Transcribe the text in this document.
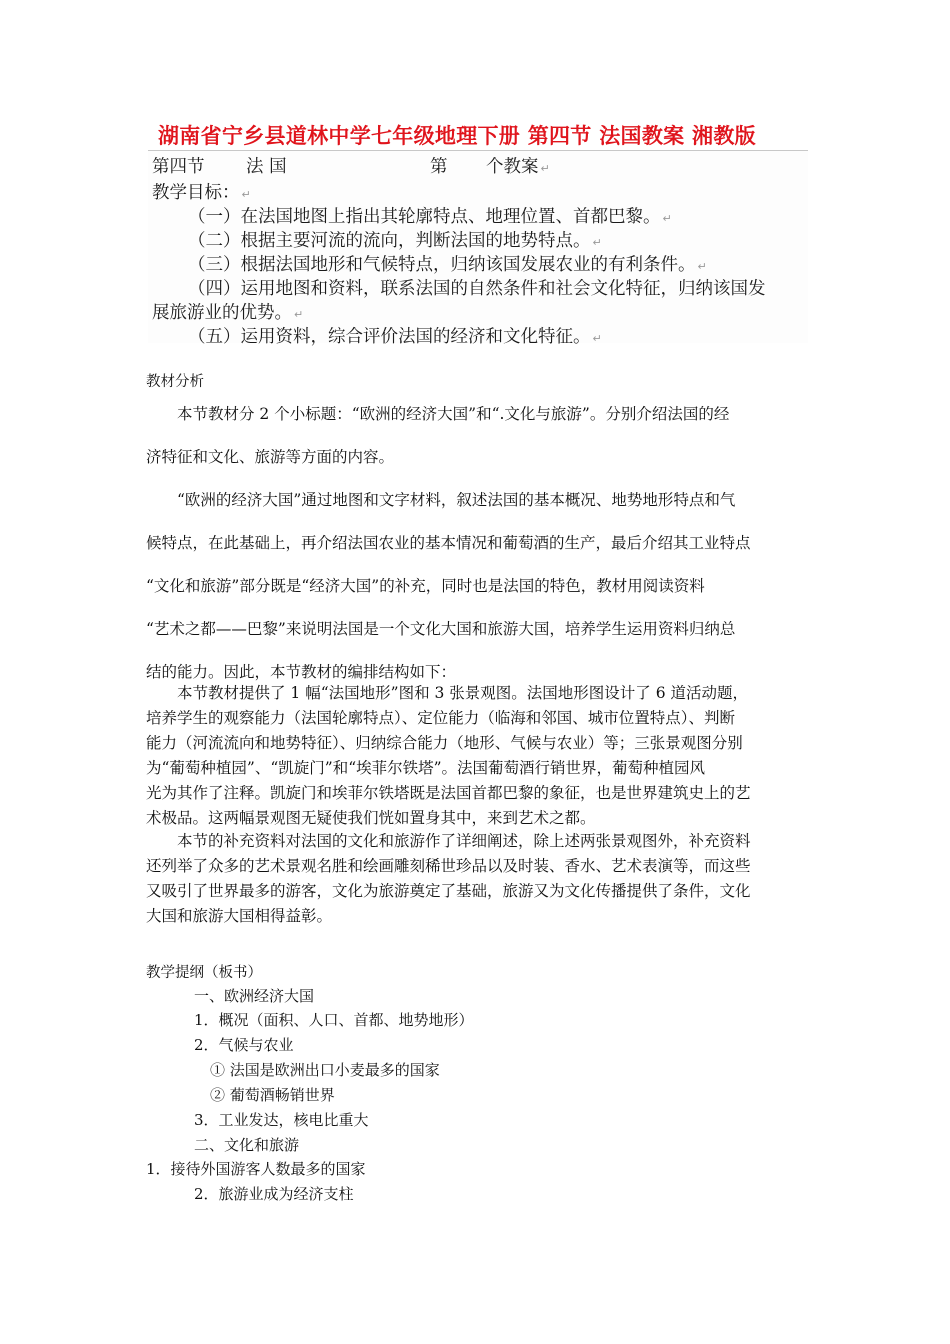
湖南省宁乡县道林中学七年级地理下册 第四节 法国教案 湘教版
第四节 法 国	第 个教案 ↵
教学目标： ↵
（一）在法国地图上指出其轮廓特点、地理位置、首都巴黎。 ↵
（二）根据主要河流的流向，判断法国的地势特点。 ↵
（三）根据法国地形和气候特点，归纳该国发展农业的有利条件。 ↵
（四）运用地图和资料，联系法国的自然条件和社会文化特征，归纳该国发
展旅游业的优势。 ↵
（五）运用资料，综合评价法国的经济和文化特征。 ↵
教材分析
　　本节教材分 2 个小标题：“欧洲的经济大国”和“.文化与旅游”。分别介绍法国的经
济特征和文化、旅游等方面的内容。
　　“欧洲的经济大国”通过地图和文字材料，叙述法国的基本概况、地势地形特点和气
候特点，在此基础上，再介绍法国农业的基本情况和葡萄酒的生产，最后介绍其工业特点
“文化和旅游”部分既是“经济大国”的补充，同时也是法国的特色，教材用阅读资料
“艺术之都——巴黎”来说明法国是一个文化大国和旅游大国，培养学生运用资料归纳总
结的能力。因此，本节教材的编排结构如下：
　　本节教材提供了 1 幅“法国地形”图和 3 张景观图。法国地形图设计了 6 道活动题，
培养学生的观察能力（法国轮廓特点）、定位能力（临海和邻国、城市位置特点）、判断
能力（河流流向和地势特征）、归纳综合能力（地形、气候与农业）等；三张景观图分别
为“葡萄种植园”、“凯旋门”和“埃菲尔铁塔”。法国葡萄酒行销世界，葡萄种植园风
光为其作了注释。凯旋门和埃菲尔铁塔既是法国首都巴黎的象征，也是世界建筑史上的艺
术极品。这两幅景观图无疑使我们恍如置身其中，来到艺术之都。
　　本节的补充资料对法国的文化和旅游作了详细阐述，除上述两张景观图外，补充资料
还列举了众多的艺术景观名胜和绘画雕刻稀世珍品以及时装、香水、艺术表演等，而这些
又吸引了世界最多的游客，文化为旅游奠定了基础，旅游又为文化传播提供了条件，文化
大国和旅游大国相得益彰。
教学提纲（板书）
一、欧洲经济大国
1．概况（面积、人口、首都、地势地形）
2．气候与农业
① 法国是欧洲出口小麦最多的国家
② 葡萄酒畅销世界
3．工业发达，核电比重大
二、文化和旅游
1．接待外国游客人数最多的国家
2．旅游业成为经济支柱
